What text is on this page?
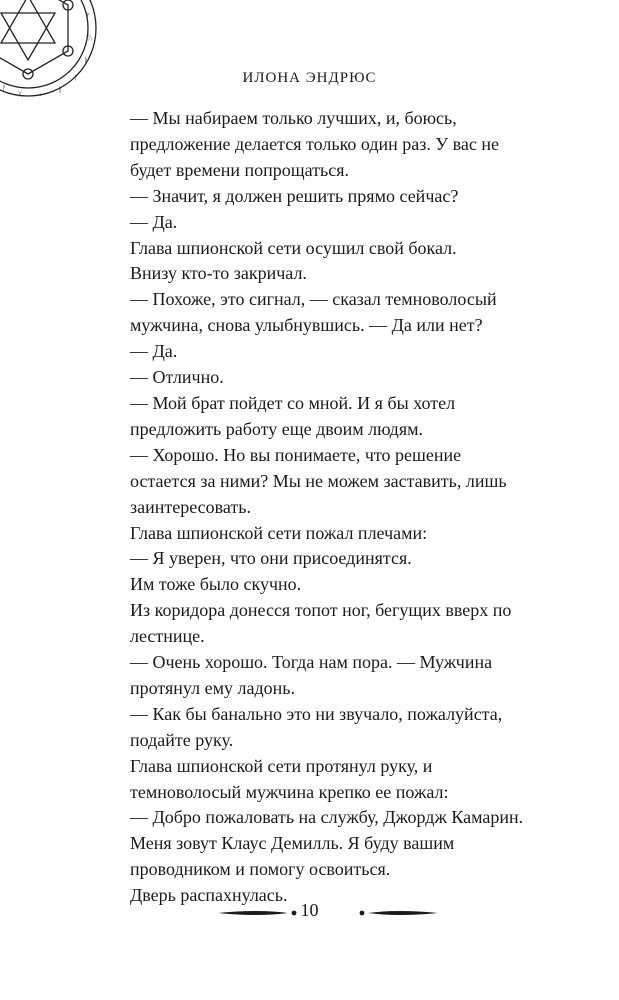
ᚠ
ᚢ
ᚦ
ᚨ
ᚱ
ᚲ
ᚷ
ᚹ
ИЛОНА ЭНДРЮС

— Мы набираем только лучших, и, боюсь, предложение делается только один раз. У вас не будет времени попрощаться.

— Значит, я должен решить прямо сейчас?

— Да.

Глава шпионской сети осушил свой бокал.

Внизу кто-то закричал.

— Похоже, это сигнал, — сказал темноволосый мужчина, снова улыбнувшись. — Да или нет?

— Да.

— Отлично.

— Мой брат пойдет со мной. И я бы хотел предложить работу еще двоим людям.

— Хорошо. Но вы понимаете, что решение остается за ними? Мы не можем заставить, лишь заинтересовать.

Глава шпионской сети пожал плечами:

— Я уверен, что они присоединятся.

Им тоже было скучно.

Из коридора донесся топот ног, бегущих вверх по лестнице.

— Очень хорошо. Тогда нам пора. — Мужчина протянул ему ладонь.

— Как бы банально это ни звучало, пожалуйста, подайте руку.

Глава шпионской сети протянул руку, и темноволосый мужчина крепко ее пожал:

— Добро пожаловать на службу, Джордж Камарин. Меня зовут Клаус Демилль. Я буду вашим проводником и помогу освоиться.

Дверь распахнулась.

10
